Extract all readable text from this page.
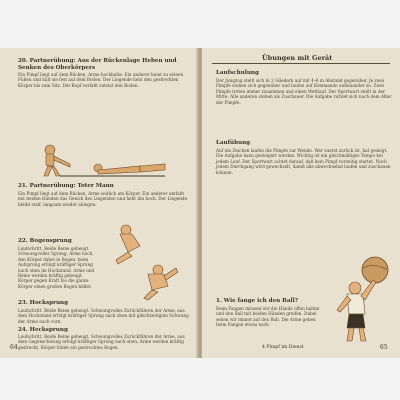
20. Partnerübung: Aus der Rückenlage Heben und Senken des Oberkörpers
Ein Pimpf liegt auf dem Rücken, Arme hochhalte. Ein anderer kniet zu seinen Füßen und hält sie fest auf dem Boden. Der Liegende hebt den gestreckten Körper bis zum Sitz. Der Kopf verläßt zuletzt den Boden.
21. Partnerübung: Toter Mann
Ein Pimpf liegt auf dem Rücken, Arme seitlich am Körper. Ein anderer umfaßt mit beiden Händen das Genick des Liegenden und hebt ihn hoch. Der Liegende bleibt steif, langsam wieder ablegen.
22. Bogensprung
Laufschritt. Beide Beine gebeugt. Schwungvoller Sprung, Arme hoch, den Körper dabei in Bogen, beim Aufsprung erfolgt kräftiger Sprung nach oben im Hockstand. Arme und Beine werden kräftig gebeugt, Körper gegen Kraft bis die ganze Körper einen großen Bogen bildet.
23. Hocksprung
Laufschritt. Beide Beine gebeugt. Schwungvolles Zurückführen der Arme, aus dem Hockstand erfolgt kräftiger Sprung nach oben mit gleichzeitigem Schwung der Arme nach vorn.
24. Hecksprung
Laufschritt. Beide Beine gebeugt. Schwungvolles Zurückführen der Arme, aus dem Gegenschwung erfolgt kräftiger Sprung nach oben, Arme werden kräftig gestreckt, Körper bildet ein gestrecktes Bogen.
64
Übungen mit Gerät
Laufschulung
Der Jungzug stellt sich in 2 Gliedern auf mit 4–6 m Abstand gegenüber. Je zwei Pimpfe stehen sich gegenüber und laufen auf Kommando aufeinander zu. Zwei Pimpfe treten immer zusammen und einen Wettlauf. Der Sportwart stellt in der Mitte. Alle anderen stehen als Zuschauer. Die Aufgabe richtet sich nach dem Alter der Pimpfe.
Laufübung
Auf ein Zeichen laufen die Pimpfe zur Wende. Wer zuerst zurück ist, hat gesiegt. Die Aufgabe kann gesteigert werden. Wichtig ist ein gleichmäßiges Tempo bei jedem Lauf. Der Sportwart achtet darauf, daß kein Pimpf vorzeitig startet. Nach jedem Durchgang wird gewechselt, damit alle abwechselnd laufen und zuschauen können.
1. Wie fange ich den Ball?
Beim Fangen müssen wir die Hände offen halten und den Ball mit beiden Händen greifen. Dabei sehen wir immer auf den Ball. Die Arme geben beim Fangen etwas nach.
4 Pimpf im Dienst	65
